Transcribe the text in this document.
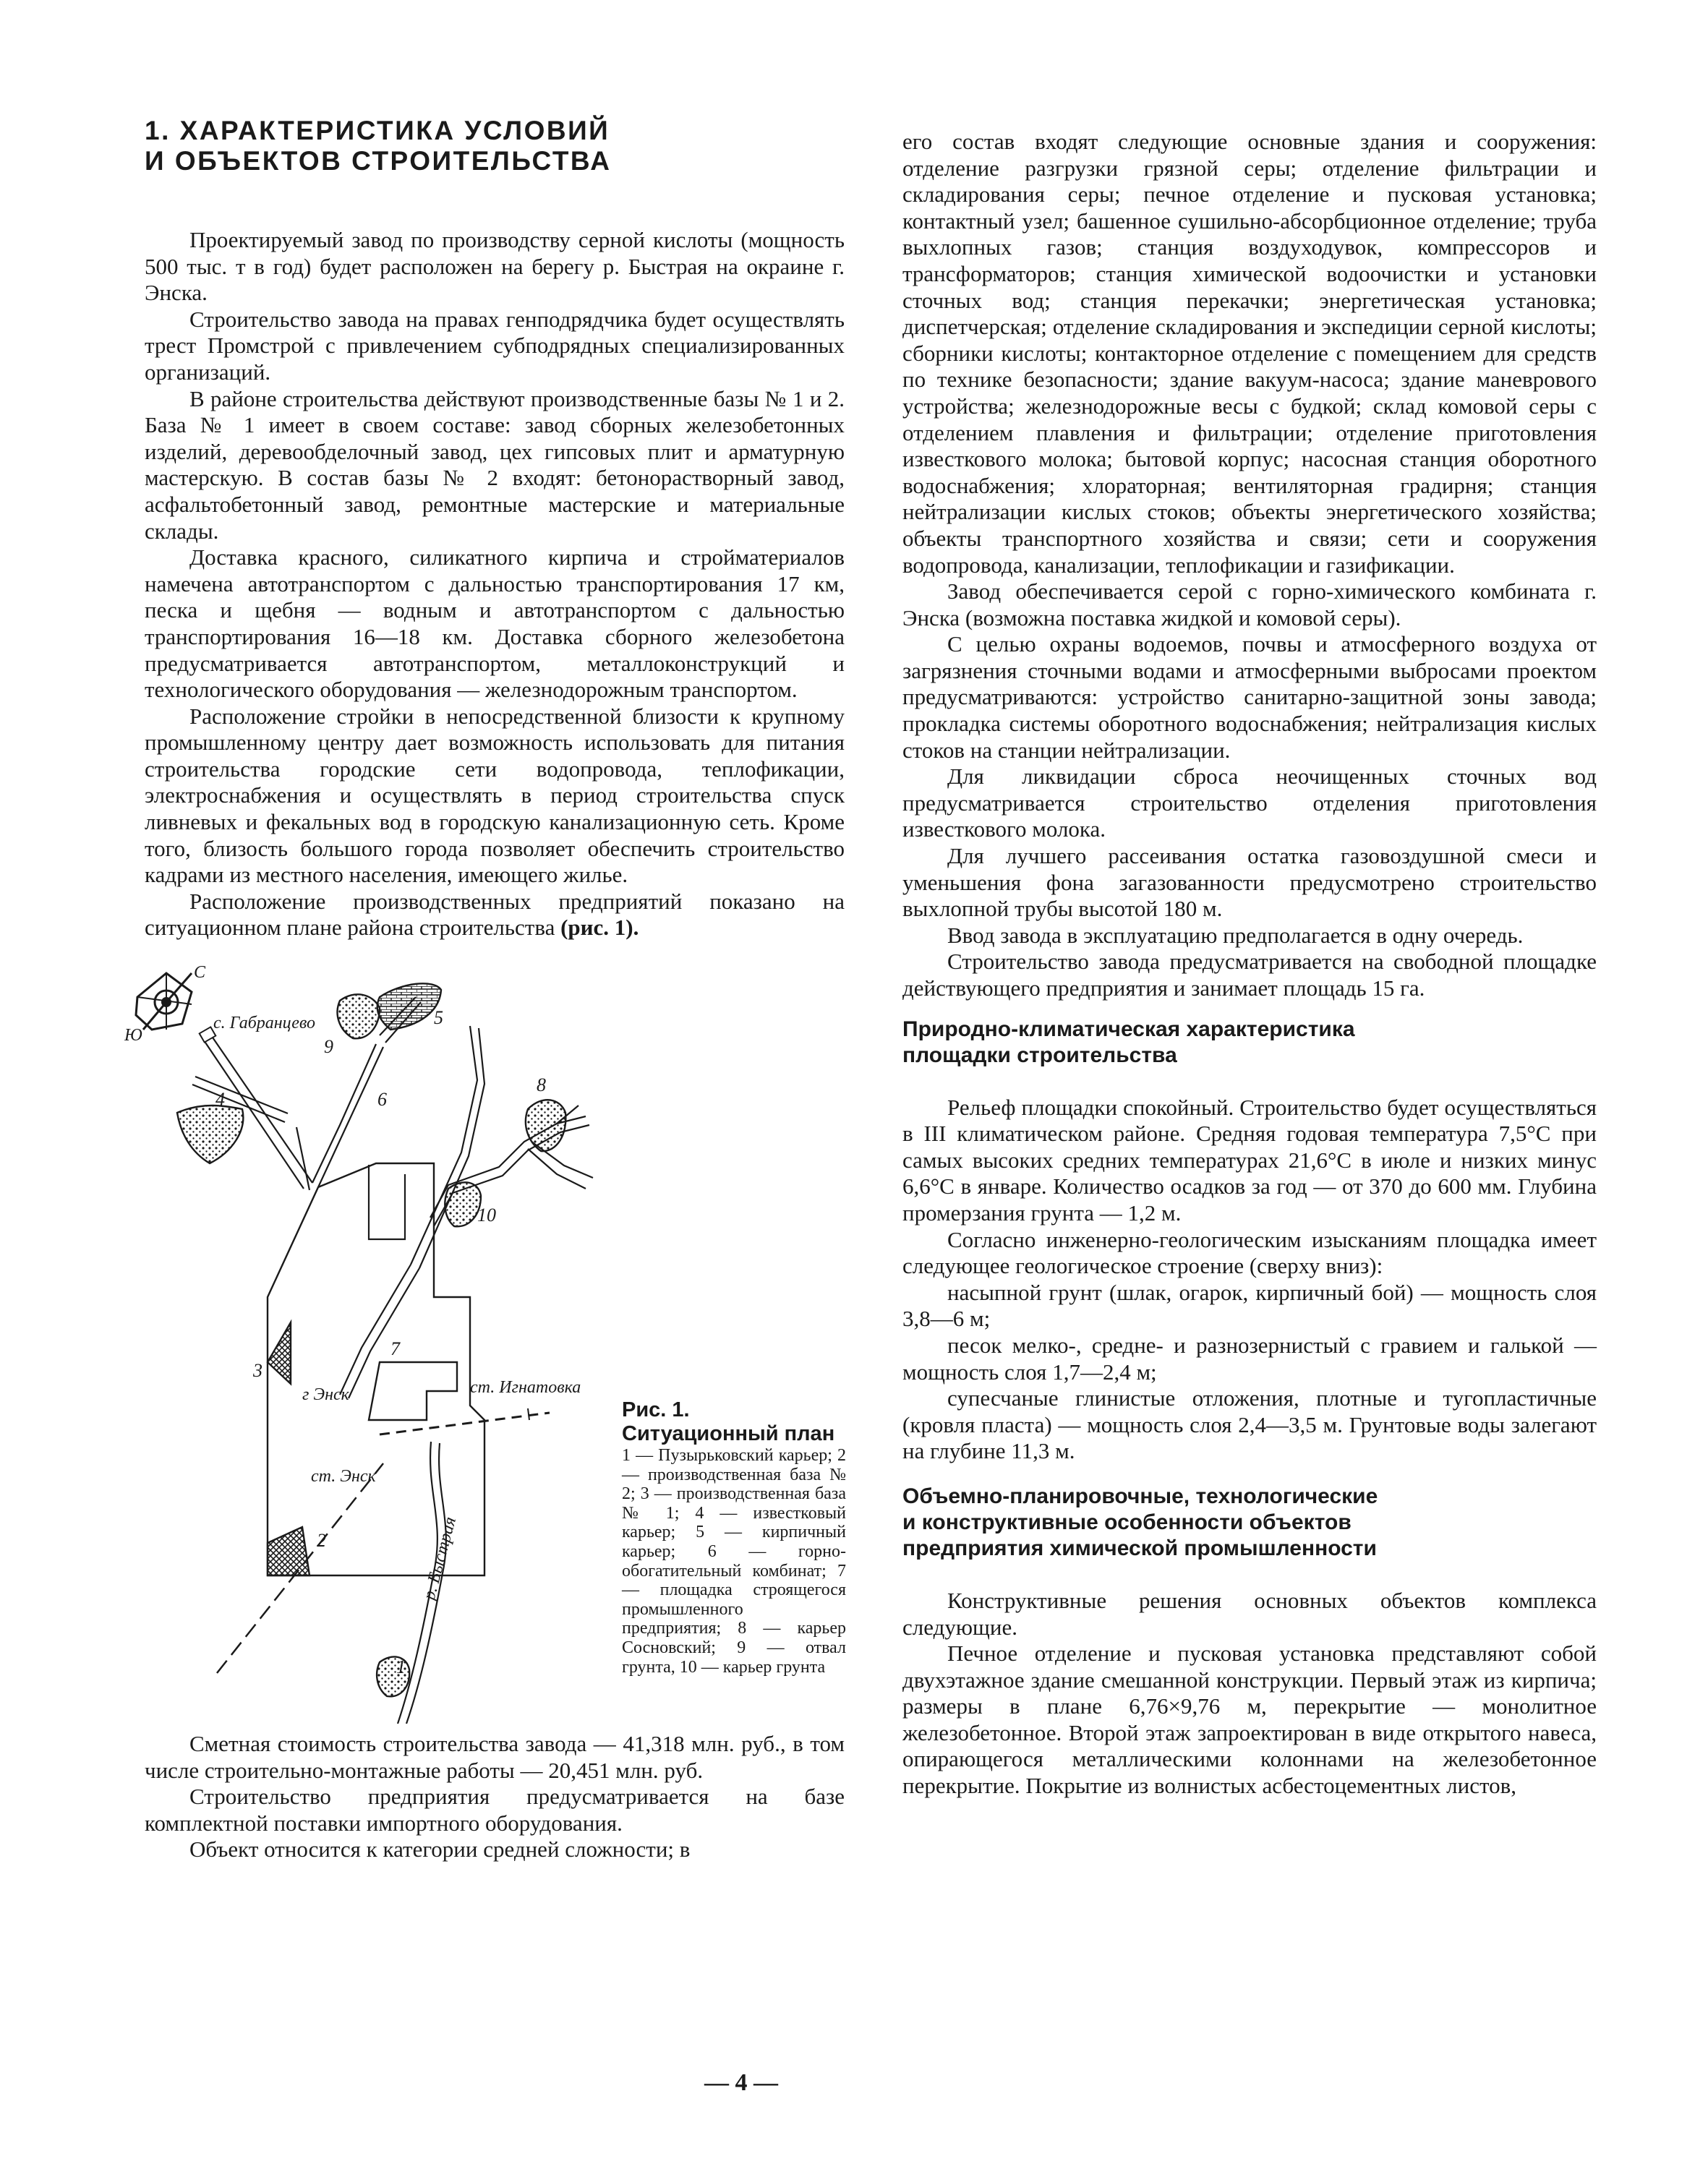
1. ХАРАКТЕРИСТИКА УСЛОВИЙ
И ОБЪЕКТОВ СТРОИТЕЛЬСТВА

Проектируемый завод по производству серной кислоты (мощность 500 тыс. т в год) будет расположен на берегу р. Быстрая на окраине г. Энска.

Строительство завода на правах генподрядчика будет осуществлять трест Промстрой с привлечением субподрядных специализированных организаций.

В районе строительства действуют производственные базы № 1 и 2. База № 1 имеет в своем составе: завод сборных железобетонных изделий, деревообделочный завод, цех гипсовых плит и арматурную мастерскую. В состав базы № 2 входят: бетонорастворный завод, асфальтобетонный завод, ремонтные мастерские и материальные склады.

Доставка красного, силикатного кирпича и стройматериалов намечена автотранспортом с дальностью транспортирования 17 км, песка и щебня — водным и автотранспортом с дальностью транспортирования 16—18 км. Доставка сборного железобетона предусматривается автотранспортом, металлоконструкций и технологического оборудования — железнодорожным транспортом.

Расположение стройки в непосредственной близости к крупному промышленному центру дает возможность использовать для питания строительства городские сети водопровода, теплофикации, электроснабжения и осуществлять в период строительства спуск ливневых и фекальных вод в городскую канализационную сеть. Кроме того, близость большого города позволяет обеспечить строительство кадрами из местного населения, имеющего жилье.

Расположение производственных предприятий показано на ситуационном плане района строительства (рис. 1).

С
Ю
с. Габранцево
г Энск
ст. Энск
ст. Игнатовка
р. Быстрая
1
2
3
4
5
6
7
8
9
10
Рис. 1. Ситуационный план
1 — Пузырьковский карьер; 2 — производственная база № 2; 3 — производственная база № 1; 4 — известковый карьер; 5 — кирпичный карьер; 6 — горно-обогатительный комбинат; 7 — площадка строящегося промышленного предприятия; 8 — карьер Сосновский; 9 — отвал грунта, 10 — карьер грунта

Сметная стоимость строительства завода — 41,318 млн. руб., в том числе строительно-монтажные работы — 20,451 млн. руб.

Строительство предприятия предусматривается на базе комплектной поставки импортного оборудования.

Объект относится к категории средней сложности; в

его состав входят следующие основные здания и сооружения: отделение разгрузки грязной серы; отделение фильтрации и складирования серы; печное отделение и пусковая установка; контактный узел; башенное сушильно-абсорбционное отделение; труба выхлопных газов; станция воздуходувок, компрессоров и трансформаторов; станция химической водоочистки и установки сточных вод; станция перекачки; энергетическая установка; диспетчерская; отделение складирования и экспедиции серной кислоты; сборники кислоты; контакторное отделение с помещением для средств по технике безопасности; здание вакуум-насоса; здание маневрового устройства; железнодорожные весы с будкой; склад комовой серы с отделением плавления и фильтрации; отделение приготовления известкового молока; бытовой корпус; насосная станция оборотного водоснабжения; хлораторная; вентиляторная градирня; станция нейтрализации кислых стоков; объекты энергетического хозяйства; объекты транспортного хозяйства и связи; сети и сооружения водопровода, канализации, теплофикации и газификации.

Завод обеспечивается серой с горно-химического комбината г. Энска (возможна поставка жидкой и комовой серы).

С целью охраны водоемов, почвы и атмосферного воздуха от загрязнения сточными водами и атмосферными выбросами проектом предусматриваются: устройство санитарно-защитной зоны завода; прокладка системы оборотного водоснабжения; нейтрализация кислых стоков на станции нейтрализации.

Для ликвидации сброса неочищенных сточных вод предусматривается строительство отделения приготовления известкового молока.

Для лучшего рассеивания остатка газовоздушной смеси и уменьшения фона загазованности предусмотрено строительство выхлопной трубы высотой 180 м.

Ввод завода в эксплуатацию предполагается в одну очередь.

Строительство завода предусматривается на свободной площадке действующего предприятия и занимает площадь 15 га.

Природно-климатическая характеристика
площадки строительства

Рельеф площадки спокойный. Строительство будет осуществляться в III климатическом районе. Средняя годовая температура 7,5°С при самых высоких средних температурах 21,6°С в июле и низких минус 6,6°С в январе. Количество осадков за год — от 370 до 600 мм. Глубина промерзания грунта — 1,2 м.

Согласно инженерно-геологическим изысканиям площадка имеет следующее геологическое строение (сверху вниз):

насыпной грунт (шлак, огарок, кирпичный бой) — мощность слоя 3,8—6 м;

песок мелко-, средне- и разнозернистый с гравием и галькой — мощность слоя 1,7—2,4 м;

супесчаные глинистые отложения, плотные и тугопластичные (кровля пласта) — мощность слоя 2,4—3,5 м. Грунтовые воды залегают на глубине 11,3 м.

Объемно-планировочные, технологические
и конструктивные особенности объектов
предприятия химической промышленности

Конструктивные решения основных объектов комплекса следующие.

Печное отделение и пусковая установка представляют собой двухэтажное здание смешанной конструкции. Первый этаж из кирпича; размеры в плане 6,76×9,76 м, перекрытие — монолитное железобетонное. Второй этаж запроектирован в виде открытого навеса, опирающегося металлическими колоннами на железобетонное перекрытие. Покрытие из волнистых асбестоцементных листов,

— 4 —
